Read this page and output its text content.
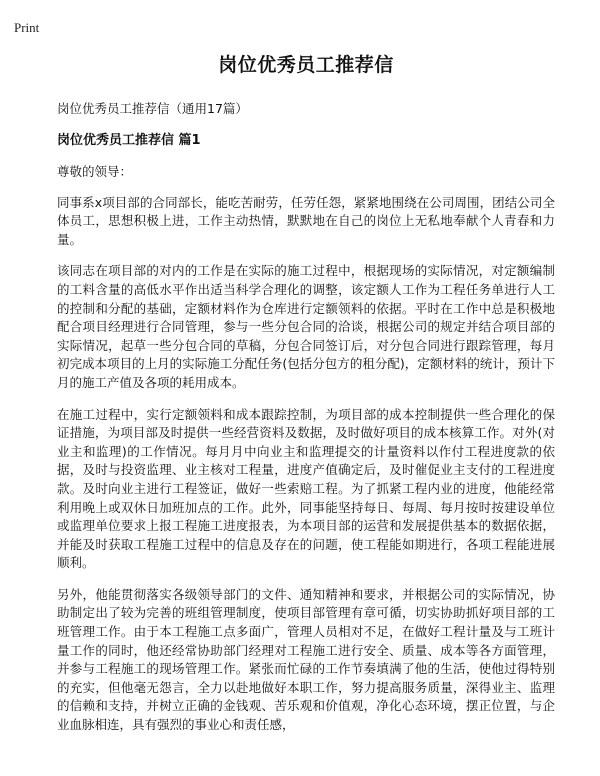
Print
岗位优秀员工推荐信
岗位优秀员工推荐信（通用17篇）
岗位优秀员工推荐信 篇1
尊敬的领导：
同事系x项目部的合同部长，能吃苦耐劳，任劳任怨，紧紧地围绕在公司周围，团结公司全体员工，思想积极上进，工作主动热情，默默地在自己的岗位上无私地奉献个人青春和力量。
该同志在项目部的对内的工作是在实际的施工过程中，根据现场的实际情况，对定额编制的工料含量的高低水平作出适当科学合理化的调整，该定额人工作为工程任务单进行人工的控制和分配的基础，定额材料作为仓库进行定额领料的依据。平时在工作中总是积极地配合项目经理进行合同管理，参与一些分包合同的洽谈，根据公司的规定并结合项目部的实际情况，起草一些分包合同的草稿，分包合同签订后，对分包合同进行跟踪管理，每月初完成本项目的上月的实际施工分配任务(包括分包方的租分配)，定额材料的统计，预计下月的施工产值及各项的耗用成本。
在施工过程中，实行定额领料和成本跟踪控制，为项目部的成本控制提供一些合理化的保证措施，为项目部及时提供一些经营资料及数据，及时做好项目的成本核算工作。对外(对业主和监理)的工作情况。每月月中向业主和监理提交的计量资料以作付工程进度款的依据，及时与投资监理、业主核对工程量，进度产值确定后，及时催促业主支付的工程进度款。及时向业主进行工程签证，做好一些索赔工程。为了抓紧工程内业的进度，他能经常利用晚上或双休日加班加点的工作。此外，同事能坚持每日、每周、每月按时按建设单位或监理单位要求上报工程施工进度报表，为本项目部的运营和发展提供基本的数据依据，并能及时获取工程施工过程中的信息及存在的问题，使工程能如期进行，各项工程能进展顺利。
另外，他能贯彻落实各级领导部门的文件、通知精神和要求，并根据公司的实际情况，协助制定出了较为完善的班组管理制度，使项目部管理有章可循，切实协助抓好项目部的工班管理工作。由于本工程施工点多面广，管理人员相对不足，在做好工程计量及与工班计量工作的同时，他还经常协助部门经理对工程施工进行安全、质量、成本等各方面管理，并参与工程施工的现场管理工作。紧张而忙碌的工作节奏填满了他的生活，使他过得特别的充实，但他毫无怨言，全力以赴地做好本职工作，努力提高服务质量，深得业主、监理的信赖和支持，并树立正确的金钱观、苦乐观和价值观，净化心态环境，摆正位置，与企业血脉相连，具有强烈的事业心和责任感，
